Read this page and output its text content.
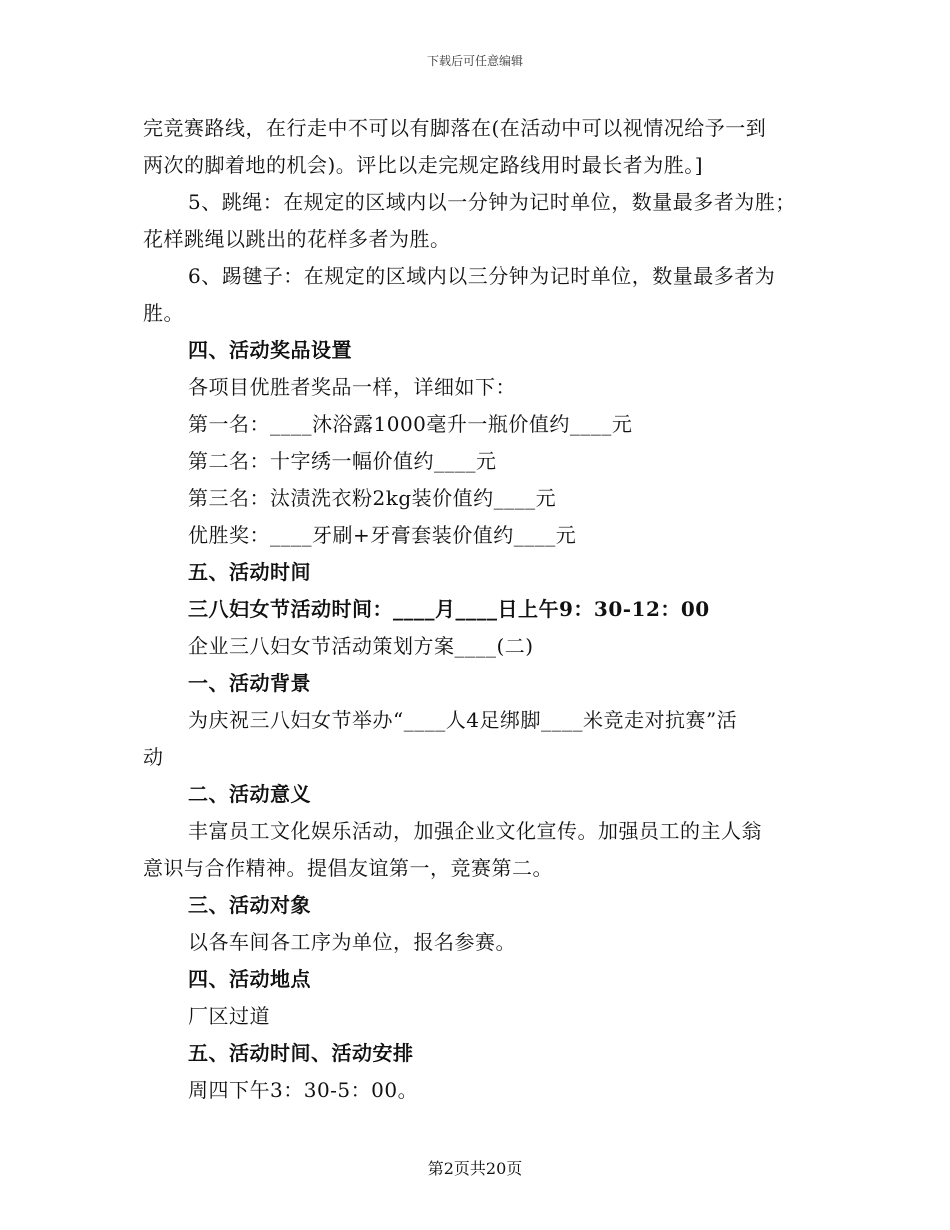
下载后可任意编辑
完竞赛路线，在行走中不可以有脚落在(在活动中可以视情况给予一到
两次的脚着地的机会)。评比以走完规定路线用时最长者为胜。]
5、跳绳：在规定的区域内以一分钟为记时单位，数量最多者为胜；
花样跳绳以跳出的花样多者为胜。
6、踢毽子：在规定的区域内以三分钟为记时单位，数量最多者为
胜。
四、活动奖品设置
各项目优胜者奖品一样，详细如下：
第一名：____沐浴露1000毫升一瓶价值约____元
第二名：十字绣一幅价值约____元
第三名：汰渍洗衣粉2kg装价值约____元
优胜奖：____牙刷+牙膏套装价值约____元
五、活动时间
三八妇女节活动时间：____月____日上午9：30-12：00
企业三八妇女节活动策划方案____(二)
一、活动背景
为庆祝三八妇女节举办“____人4足绑脚____米竞走对抗赛”活
动
二、活动意义
丰富员工文化娱乐活动，加强企业文化宣传。加强员工的主人翁
意识与合作精神。提倡友谊第一，竞赛第二。
三、活动对象
以各车间各工序为单位，报名参赛。
四、活动地点
厂区过道
五、活动时间、活动安排
周四下午3：30-5：00。
第2页共20页
